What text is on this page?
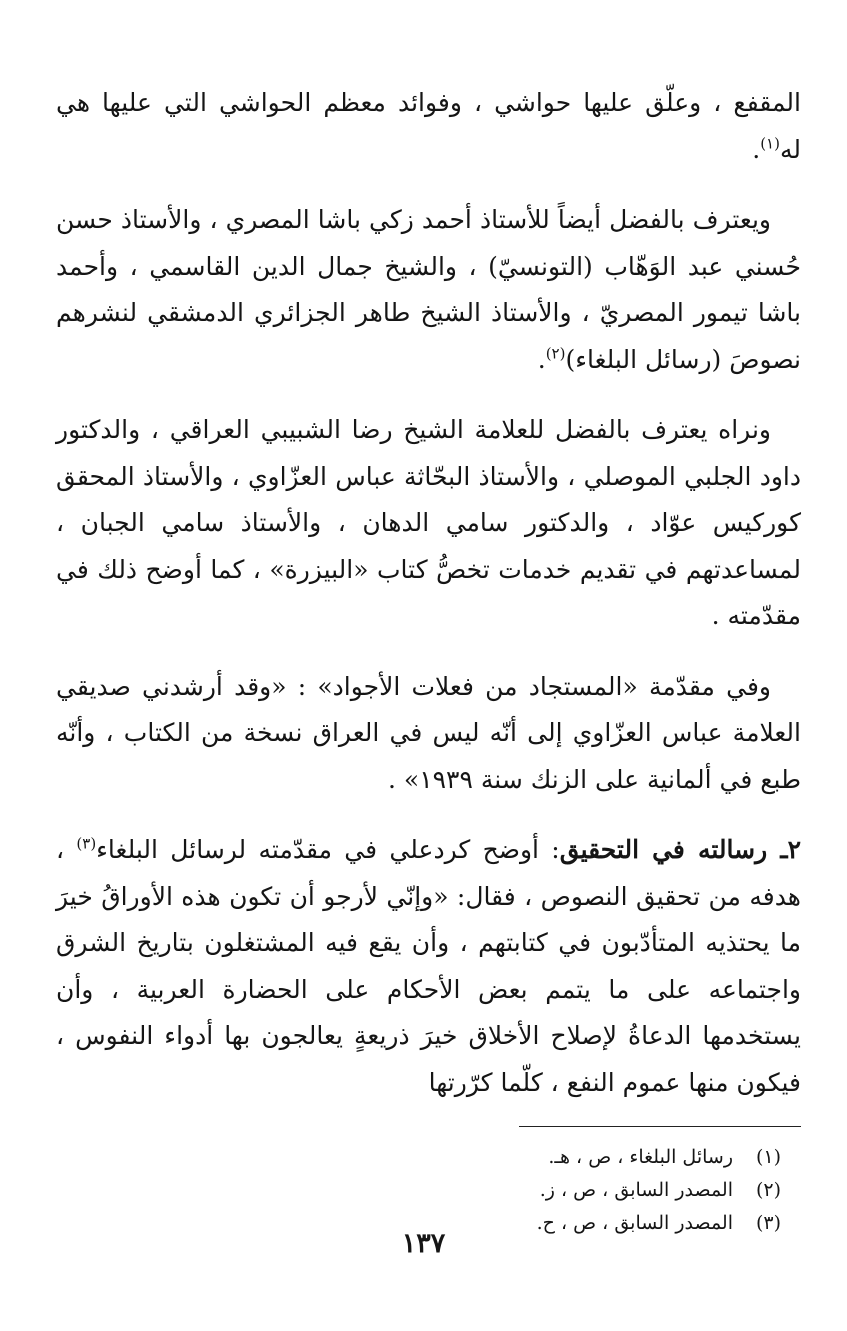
المقفع ، وعلّق عليها حواشي ، وفوائد معظم الحواشي التي عليها هي له$^{(١)}$.

ويعترف بالفضل أيضاً للأستاذ أحمد زكي باشا المصري ، والأستاذ حسن حُسني عبد الوَهّاب (التونسيّ) ، والشيخ جمال الدين القاسمي ، وأحمد باشا تيمور المصريّ ، والأستاذ الشيخ طاهر الجزائري الدمشقي لنشرهم نصوصَ (رسائل البلغاء)$^{(٢)}$.

ونراه يعترف بالفضل للعلامة الشيخ رضا الشبيبي العراقي ، والدكتور داود الجلبي الموصلي ، والأستاذ البحّاثة عباس العزّاوي ، والأستاذ المحقق كوركيس عوّاد ، والدكتور سامي الدهان ، والأستاذ سامي الجبان ، لمساعدتهم في تقديم خدمات تخصُّ كتاب «البيزرة» ، كما أوضح ذلك في مقدّمته .

وفي مقدّمة «المستجاد من فعلات الأجواد» : «وقد أرشدني صديقي العلامة عباس العزّاوي إلى أنّه ليس في العراق نسخة من الكتاب ، وأنّه طبع في ألمانية على الزنك سنة ١٩٣٩» .

٢ـ رسالته في التحقيق: أوضح كردعلي في مقدّمته لرسائل البلغاء$^{(٣)}$ ، هدفه من تحقيق النصوص ، فقال: «وإنّي لأرجو أن تكون هذه الأوراقُ خيرَ ما يحتذيه المتأدّبون في كتابتهم ، وأن يقع فيه المشتغلون بتاريخ الشرق واجتماعه على ما يتمم بعض الأحكام على الحضارة العربية ، وأن يستخدمها الدعاةُ لإصلاح الأخلاق خيرَ ذريعةٍ يعالجون بها أدواء النفوس ، فيكون منها عموم النفع ، كلّما كرّرتها

(١)
رسائل البلغاء ، ص ، هـ.
(٢)
المصدر السابق ، ص ، ز.
(٣)
المصدر السابق ، ص ، ح.
١٣٧
